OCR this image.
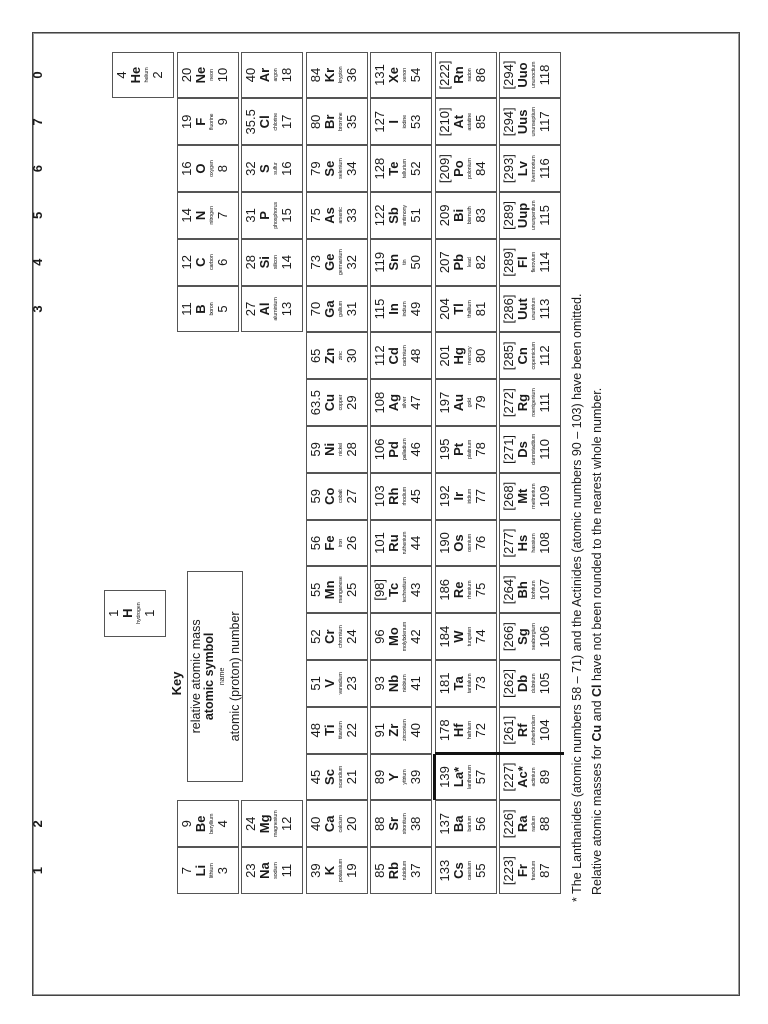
1
2
3
4
5
6
7
0
Key relative atomic mass atomic symbol name atomic (proton) number
1 H hydrogen 1
4 He helium 2
7 Li lithium 3
9 Be beryllium 4
11 B boron 5
12 C carbon 6
14 N nitrogen 7
16 O oxygen 8
19 F fluorine 9
20 Ne neon 10
23 Na sodium 11
24 Mg magnesium 12
27 Al aluminium 13
28 Si silicon 14
31 P phosphorus 15
32 S sulfur 16
35.5 Cl chlorine 17
40 Ar argon 18
39 K potassium 19
40 Ca calcium 20
45 Sc scandium 21
48 Ti titanium 22
51 V vanadium 23
52 Cr chromium 24
55 Mn manganese 25
56 Fe iron 26
59 Co cobalt 27
59 Ni nickel 28
63.5 Cu copper 29
65 Zn zinc 30
70 Ga gallium 31
73 Ge germanium 32
75 As arsenic 33
79 Se selenium 34
80 Br bromine 35
84 Kr krypton 36
85 Rb rubidium 37
88 Sr strontium 38
89 Y yttrium 39
91 Zr zirconium 40
93 Nb niobium 41
96 Mo molybdenum 42
[98] Tc technetium 43
101 Ru ruthenium 44
103 Rh rhodium 45
106 Pd palladium 46
108 Ag silver 47
112 Cd cadmium 48
115 In indium 49
119 Sn tin 50
122 Sb antimony 51
128 Te tellurium 52
127 I iodine 53
131 Xe xenon 54
133 Cs caesium 55
137 Ba barium 56
139 La* lanthanum 57
178 Hf hafnium 72
181 Ta tantalum 73
184 W tungsten 74
186 Re rhenium 75
190 Os osmium 76
192 Ir iridium 77
195 Pt platinum 78
197 Au gold 79
201 Hg mercury 80
204 Tl thallium 81
207 Pb lead 82
209 Bi bismuth 83
[209] Po polonium 84
[210] At astatine 85
[222] Rn radon 86
[223] Fr francium 87
[226] Ra radium 88
[227] Ac* actinium 89
[261] Rf rutherfordium 104
[262] Db dubnium 105
[266] Sg seaborgium 106
[264] Bh bohrium 107
[277] Hs hassium 108
[268] Mt meitnerium 109
[271] Ds darmstadtium 110
[272] Rg roentgenium 111
[285] Cn copernicium 112
[286] Uut ununtrium 113
[289] Fl flerovium 114
[289] Uup ununpentium 115
[293] Lv livermorium 116
[294] Uus ununseptium 117
[294] Uuo ununoctium 118
* The Lanthanides (atomic numbers 58 – 71) and the Actinides (atomic numbers 90 – 103) have been omitted. Relative atomic masses for Cu and Cl have not been rounded to the nearest whole number.
